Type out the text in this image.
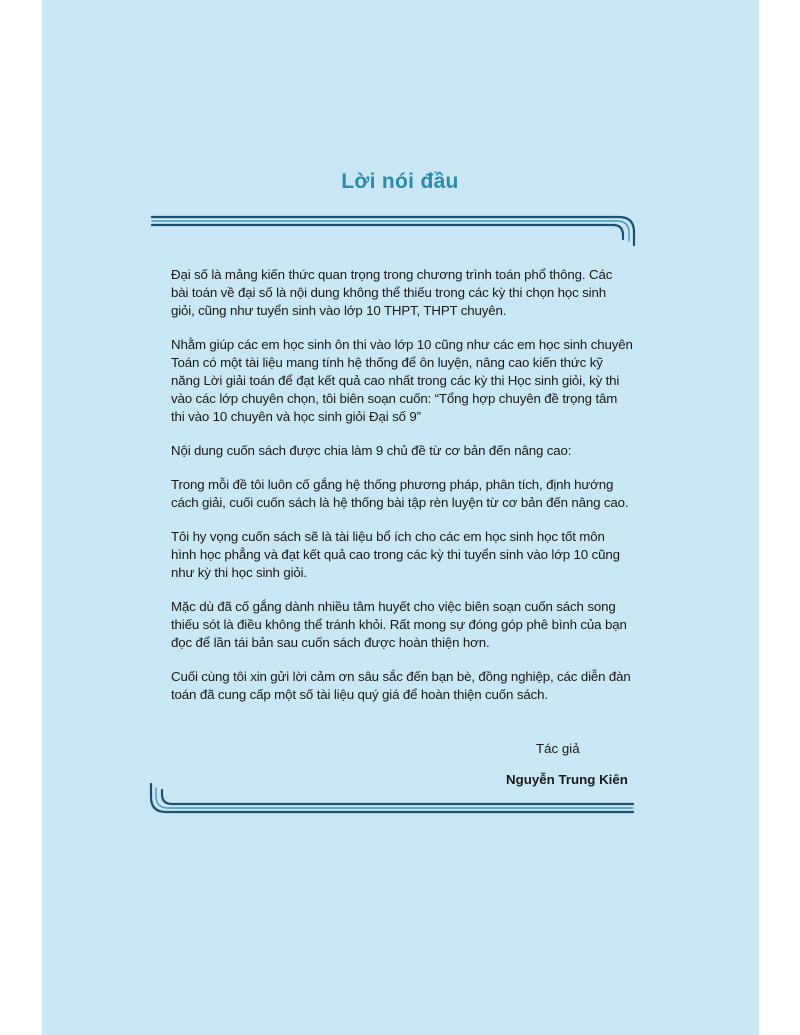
Lời nói đầu

Đại số là mảng kiến thức quan trọng trong chương trình toán phổ thông. Các bài toán về đại số là nội dung không thể thiếu trong các kỳ thi chọn học sinh giỏi, cũng như tuyển sinh vào lớp 10 THPT, THPT chuyên.

Nhằm giúp các em học sinh ôn thi vào lớp 10 cũng như các em học sinh chuyên Toán có một tài liệu mang tính hệ thống để ôn luyện, nâng cao kiến thức kỹ năng Lời giải toán để đạt kết quả cao nhất trong các kỳ thi Học sinh giỏi, kỳ thi vào các lớp chuyên chọn, tôi biên soạn cuốn: “Tổng hợp chuyên đề trọng tâm thi vào 10 chuyên và học sinh giỏi Đại số 9”

Nội dung cuốn sách được chia làm 9 chủ đề từ cơ bản đến nâng cao:

Trong mỗi đề tôi luôn cố gắng hệ thống phương pháp, phân tích, định hướng cách giải, cuối cuốn sách là hệ thống bài tập rèn luyện từ cơ bản đến nâng cao.

Tôi hy vọng cuốn sách sẽ là tài liệu bổ ích cho các em học sinh học tốt môn hình học phẳng và đạt kết quả cao trong các kỳ thi tuyển sinh vào lớp 10 cũng như kỳ thi học sinh giỏi.

Mặc dù đã cố gắng dành nhiều tâm huyết cho việc biên soạn cuốn sách song thiếu sót là điều không thể tránh khỏi. Rất mong sự đóng góp phê bình của bạn đọc để lần tái bản sau cuốn sách được hoàn thiện hơn.

Cuối cùng tôi xin gửi lời cảm ơn sâu sắc đến bạn bè, đồng nghiệp, các diễn đàn toán đã cung cấp một số tài liệu quý giá để hoàn thiện cuốn sách.

Tác giả
Nguyễn Trung Kiên
